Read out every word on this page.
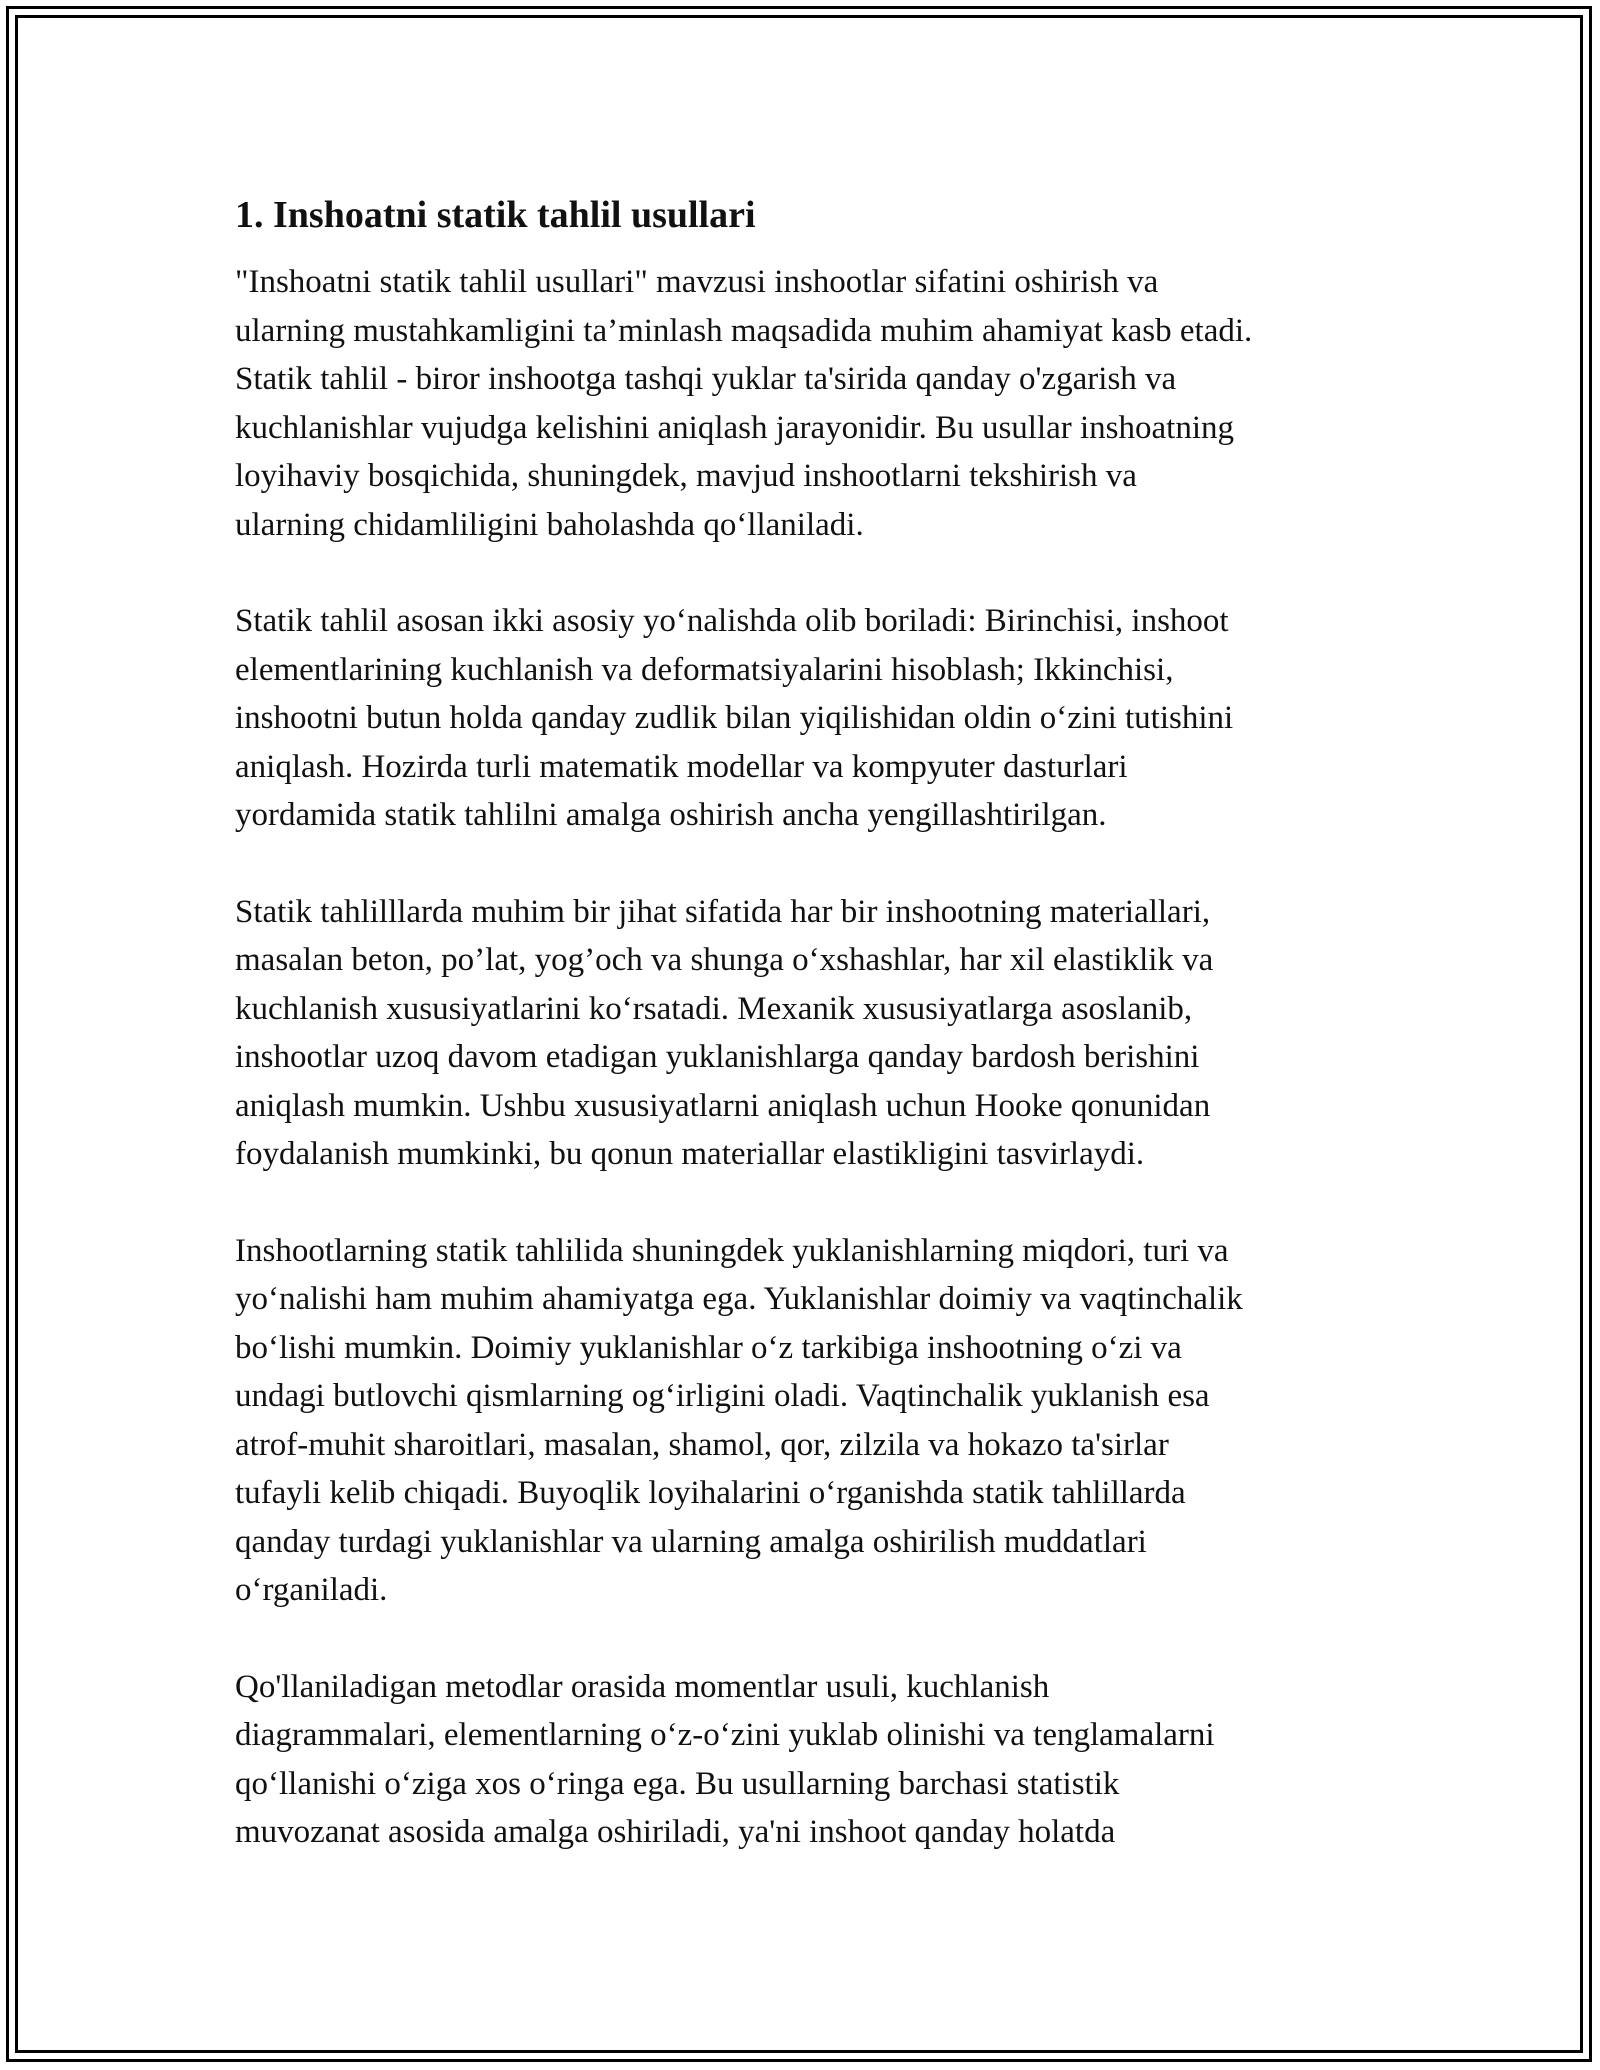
1. Inshoatni statik tahlil usullari

"Inshoatni statik tahlil usullari" mavzusi inshootlar sifatini oshirish va
ularning mustahkamligini ta’minlash maqsadida muhim ahamiyat kasb etadi.
Statik tahlil - biror inshootga tashqi yuklar ta'sirida qanday o'zgarish va
kuchlanishlar vujudga kelishini aniqlash jarayonidir. Bu usullar inshoatning
loyihaviy bosqichida, shuningdek, mavjud inshootlarni tekshirish va
ularning chidamliligini baholashda qo‘llaniladi.

Statik tahlil asosan ikki asosiy yo‘nalishda olib boriladi: Birinchisi, inshoot
elementlarining kuchlanish va deformatsiyalarini hisoblash; Ikkinchisi,
inshootni butun holda qanday zudlik bilan yiqilishidan oldin o‘zini tutishini
aniqlash. Hozirda turli matematik modellar va kompyuter dasturlari
yordamida statik tahlilni amalga oshirish ancha yengillashtirilgan.

Statik tahlilllarda muhim bir jihat sifatida har bir inshootning materiallari,
masalan beton, po’lat, yog’och va shunga o‘xshashlar, har xil elastiklik va
kuchlanish xususiyatlarini ko‘rsatadi. Mexanik xususiyatlarga asoslanib,
inshootlar uzoq davom etadigan yuklanishlarga qanday bardosh berishini
aniqlash mumkin. Ushbu xususiyatlarni aniqlash uchun Hooke qonunidan
foydalanish mumkinki, bu qonun materiallar elastikligini tasvirlaydi.

Inshootlarning statik tahlilida shuningdek yuklanishlarning miqdori, turi va
yo‘nalishi ham muhim ahamiyatga ega. Yuklanishlar doimiy va vaqtinchalik
bo‘lishi mumkin. Doimiy yuklanishlar o‘z tarkibiga inshootning o‘zi va
undagi butlovchi qismlarning og‘irligini oladi. Vaqtinchalik yuklanish esa
atrof-muhit sharoitlari, masalan, shamol, qor, zilzila va hokazo ta'sirlar
tufayli kelib chiqadi. Buyoqlik loyihalarini o‘rganishda statik tahlillarda
qanday turdagi yuklanishlar va ularning amalga oshirilish muddatlari
o‘rganiladi.

Qo'llaniladigan metodlar orasida momentlar usuli, kuchlanish
diagrammalari, elementlarning o‘z-o‘zini yuklab olinishi va tenglamalarni
qo‘llanishi o‘ziga xos o‘ringa ega. Bu usullarning barchasi statistik
muvozanat asosida amalga oshiriladi, ya'ni inshoot qanday holatda
